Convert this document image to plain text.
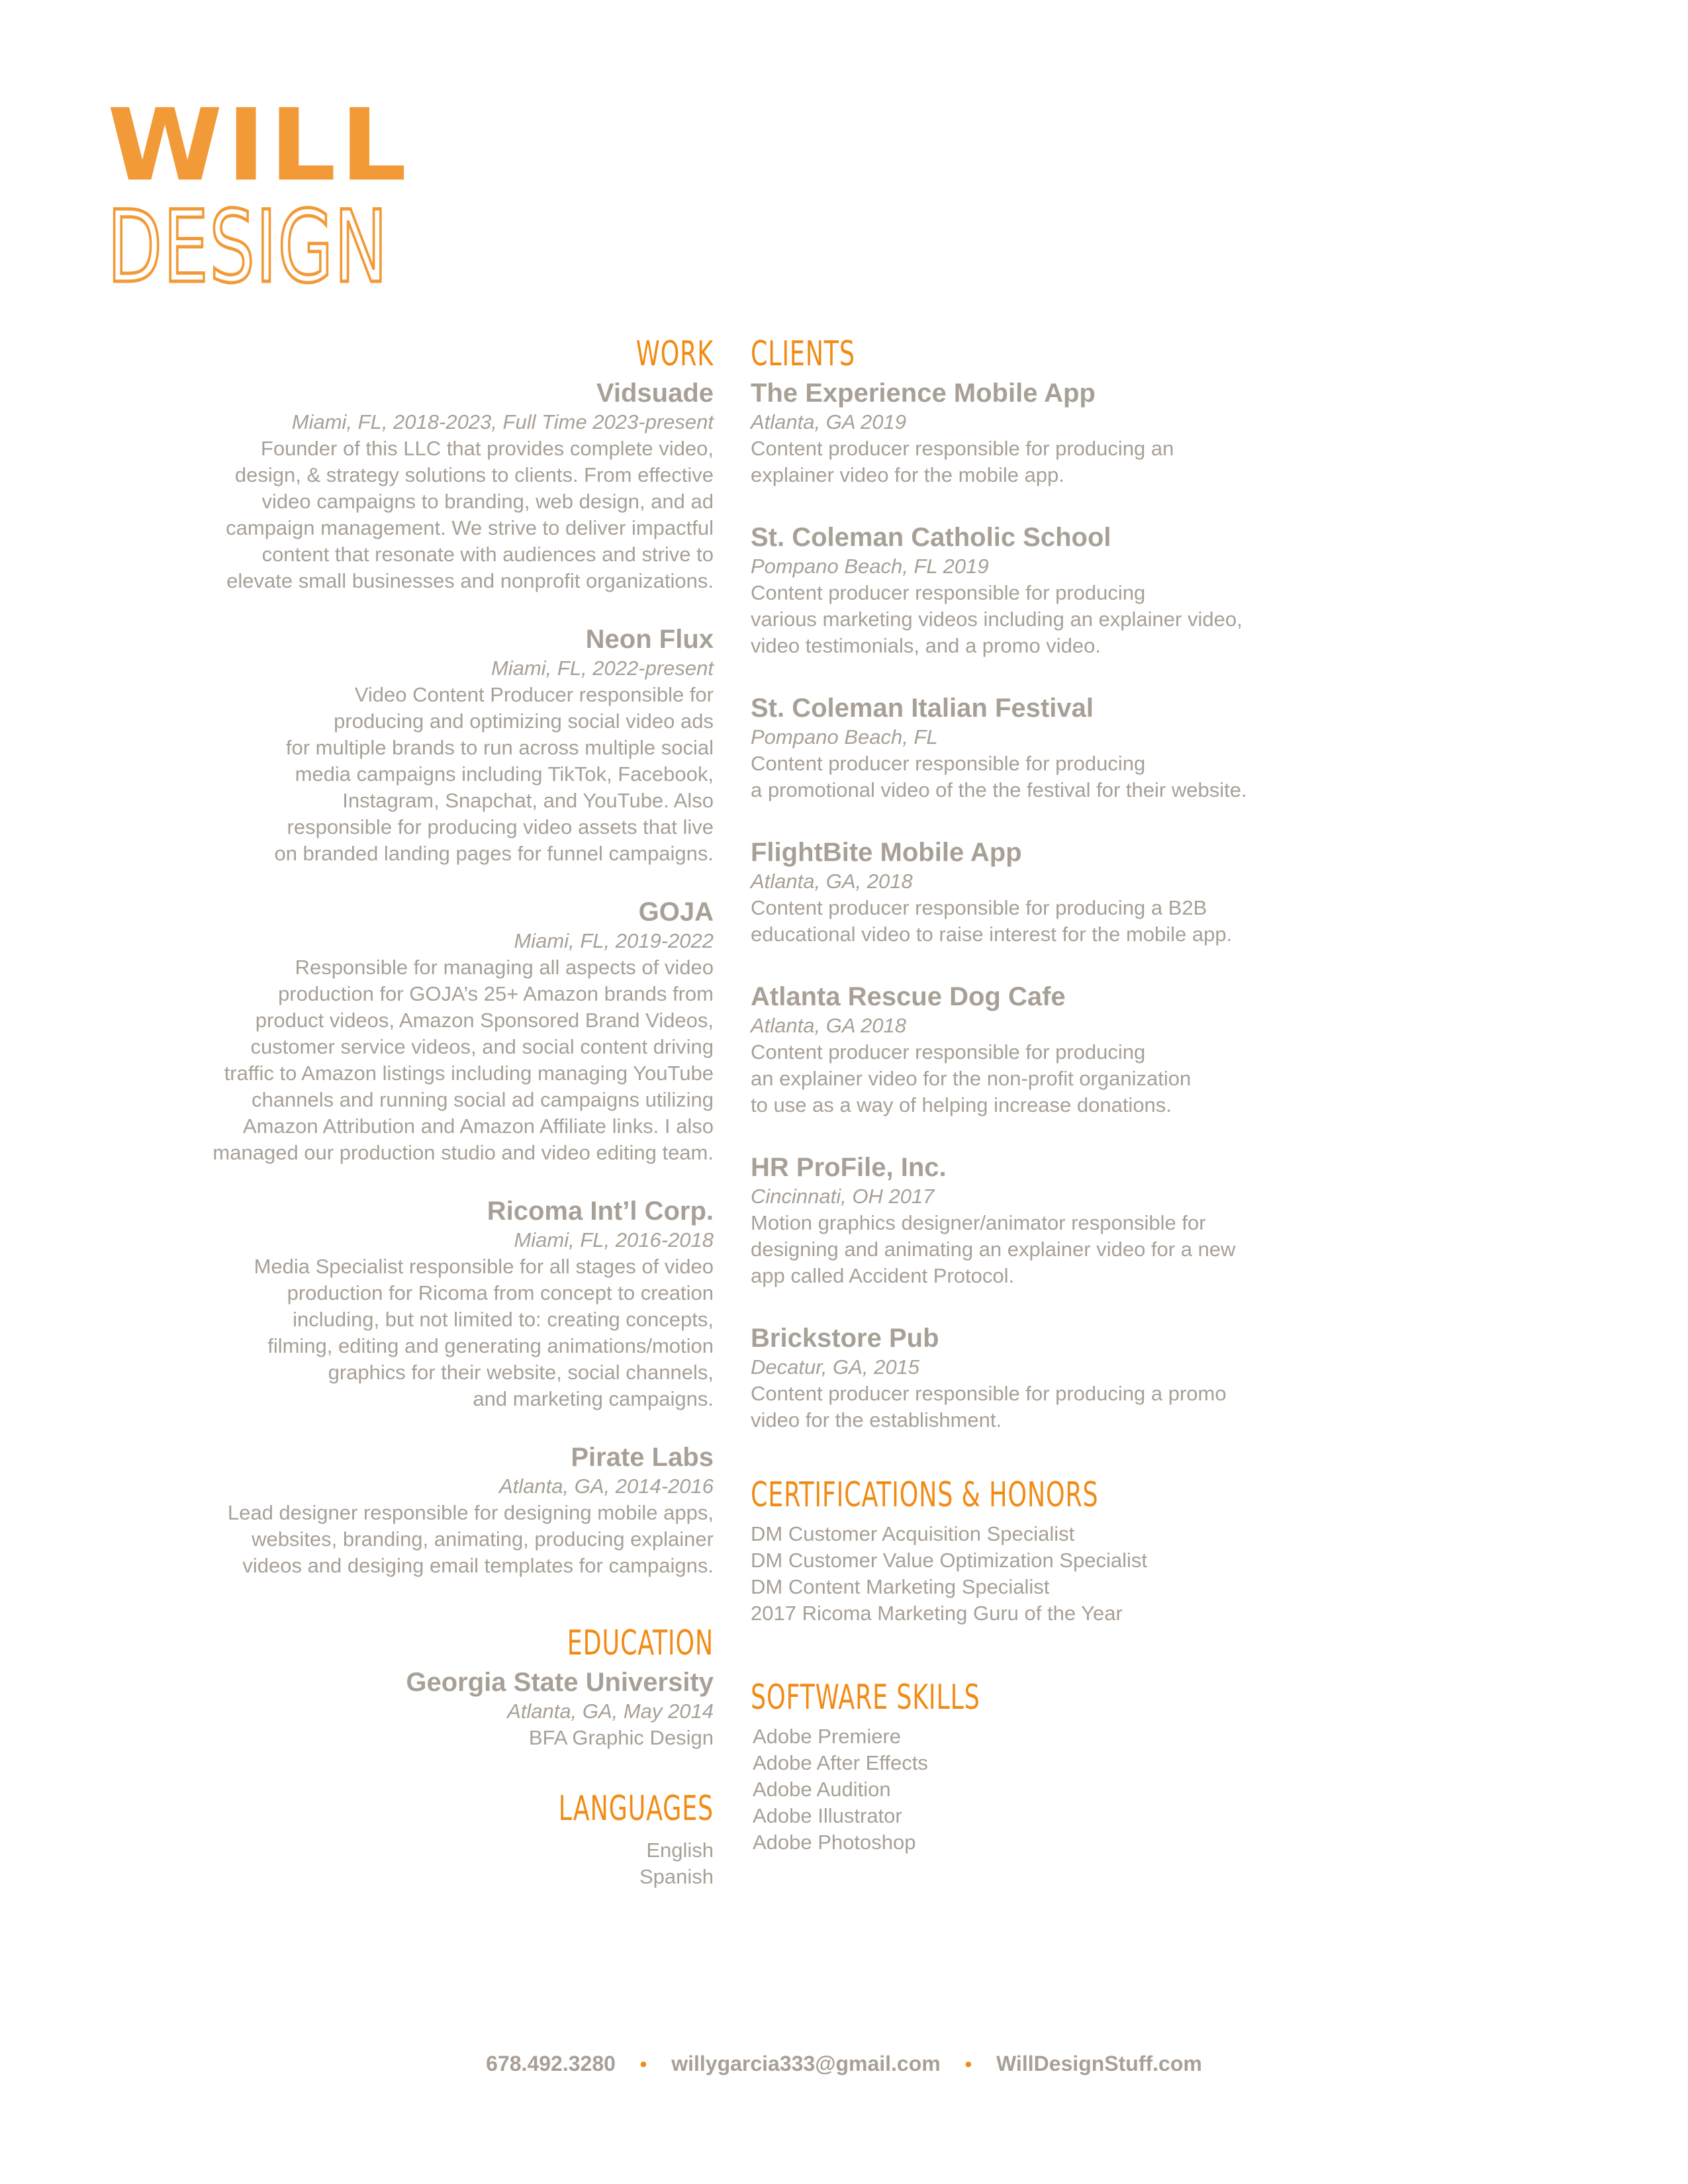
WILL
DESIGN
WORK
Vidsuade
Miami, FL, 2018-2023, Full Time 2023-present
Founder of this LLC that provides complete video,
design, & strategy solutions to clients. From effective
video campaigns to branding, web design, and ad
campaign management. We strive to deliver impactful
content that resonate with audiences and strive to
elevate small businesses and nonprofit organizations.
Neon Flux
Miami, FL, 2022-present
Video Content Producer responsible for
producing and optimizing social video ads
for multiple brands to run across multiple social
media campaigns including TikTok, Facebook,
Instagram, Snapchat, and YouTube. Also
responsible for producing video assets that live
on branded landing pages for funnel campaigns.
GOJA
Miami, FL, 2019-2022
Responsible for managing all aspects of video
production for GOJA’s 25+ Amazon brands from
product videos, Amazon Sponsored Brand Videos,
customer service videos, and social content driving
traffic to Amazon listings including managing YouTube
channels and running social ad campaigns utilizing
Amazon Attribution and Amazon Affiliate links. I also
managed our production studio and video editing team.
Ricoma Int’l Corp.
Miami, FL, 2016-2018
Media Specialist responsible for all stages of video
production for Ricoma from concept to creation
including, but not limited to: creating concepts,
filming, editing and generating animations/motion
graphics for their website, social channels,
and marketing campaigns.
Pirate Labs
Atlanta, GA, 2014-2016
Lead designer responsible for designing mobile apps,
websites, branding, animating, producing explainer
videos and desiging email templates for campaigns.
EDUCATION
Georgia State University
Atlanta, GA, May 2014
BFA Graphic Design
LANGUAGES
English
Spanish
CLIENTS
The Experience Mobile App
Atlanta, GA 2019
Content producer responsible for producing an
explainer video for the mobile app.
St. Coleman Catholic School
Pompano Beach, FL 2019
Content producer responsible for producing
various marketing videos including an explainer video,
video testimonials, and a promo video.
St. Coleman Italian Festival
Pompano Beach, FL
Content producer responsible for producing
a promotional video of the the festival for their website.
FlightBite Mobile App
Atlanta, GA, 2018
Content producer responsible for producing a B2B
educational video to raise interest for the mobile app.
Atlanta Rescue Dog Cafe
Atlanta, GA 2018
Content producer responsible for producing
an explainer video for the non-profit organization
to use as a way of helping increase donations.
HR ProFile, Inc.
Cincinnati, OH 2017
Motion graphics designer/animator responsible for
designing and animating an explainer video for a new
app called Accident Protocol.
Brickstore Pub
Decatur, GA, 2015
Content producer responsible for producing a promo
video for the establishment.
CERTIFICATIONS & HONORS
DM Customer Acquisition Specialist
DM Customer Value Optimization Specialist
DM Content Marketing Specialist
2017 Ricoma Marketing Guru of the Year
SOFTWARE SKILLS
Adobe Premiere
Adobe After Effects
Adobe Audition
Adobe Illustrator
Adobe Photoshop
678.492.3280 • willygarcia333@gmail.com • WillDesignStuff.com
